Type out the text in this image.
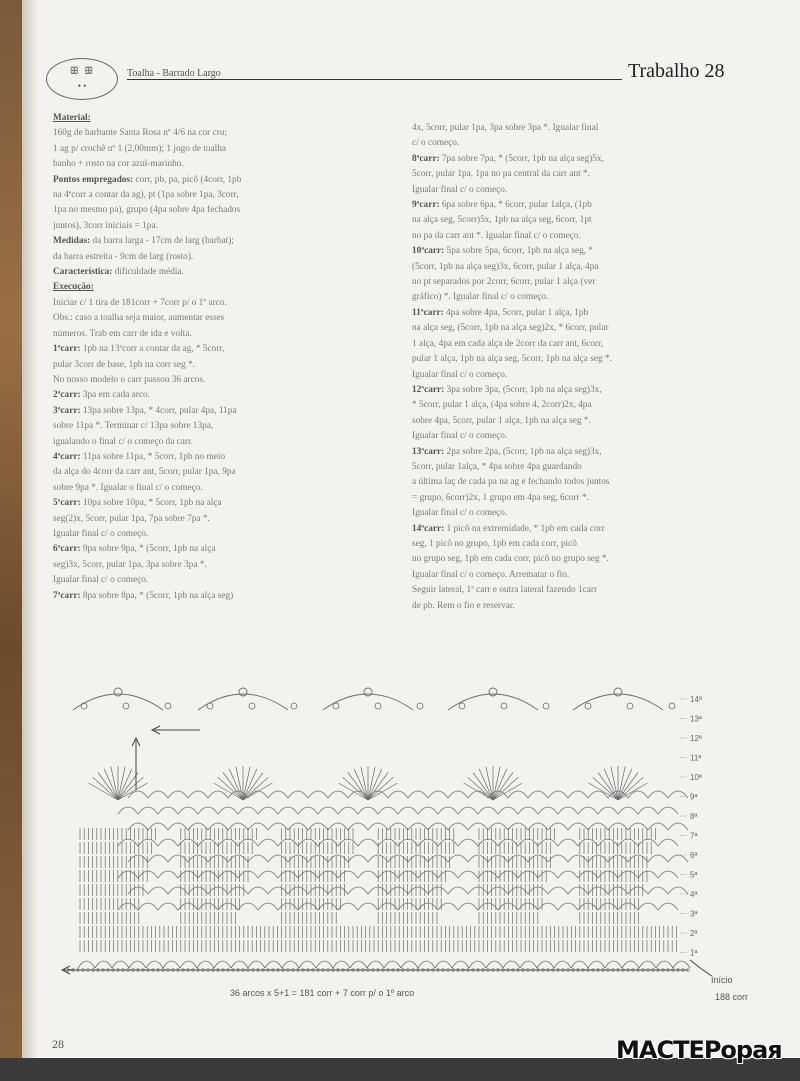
ꕥ ꕥ
• •
Toalha - Barrado Largo	Trabalho 28
Material:
160g de barbante Santa Rosa nº 4/6 na cor cru;
1 ag p/ crochê nº 1 (2,00mm); 1 jogo de toalha
banho + rosto na cor azul-marinho.
Pontos empregados: corr, pb, pa, picô (4corr, 1pb
na 4ªcorr a contar da ag), pt (1pa sobre 1pa, 3corr,
1pa no mesmo pa), grupo (4pa sobre 4pa fechados
juntos), 3corr iniciais = 1pa.
Medidas: da barra larga - 17cm de larg (barbat);
da barra estreita - 9cm de larg (rosto).
Característica: dificuldade média.
Execução:
Iniciar c/ 1 tira de 181corr + 7corr p/ o 1º arco.
Obs.: caso a toalha seja maior, aumentar esses
números. Trab em carr de ida e volta.
1ªcarr: 1pb na 13ªcorr a contar da ag, * 5corr,
pular 3corr de base, 1pb na corr seg *.
No nosso modelo o carr passou 36 arcos.
2ªcarr: 3pa em cada arco.
3ªcarr: 13pa sobre 13pa, * 4corr, pular 4pa, 11pa
sobre 11pa *. Terminar c/ 13pa sobre 13pa,
igualando o final c/ o começo da carr.
4ªcarr: 11pa sobre 11pa, * 5corr, 1pb no meio
da alça do 4corr da carr ant, 5corr, pular 1pa, 9pa
sobre 9pa *. Igualar o final c/ o começo.
5ªcarr: 10pa sobre 10pa, * 5corr, 1pb na alça
seg(2)x, 5corr, pular 1pa, 7pa sobre 7pa *.
Igualar final c/ o começo.
6ªcarr: 9pa sobre 9pa, * (5corr, 1pb na alça
seg)3x, 5corr, pular 1pa, 3pa sobre 3pa *.
Igualar final c/ o começo.
7ªcarr: 8pa sobre 8pa, * (5corr, 1pb na alça seg)
4x, 5corr, pular 1pa, 3pa sobre 3pa *. Igualar final
c/ o começo.
8ªcarr: 7pa sobre 7pa, * (5corr, 1pb na alça seg)5x,
5corr, pular 1pa, 1pa no pa central da carr ant *.
Igualar final c/ o começo.
9ªcarr: 6pa sobre 6pa, * 6corr, pular 1alça, (1pb
na alça seg, 5corr)5x, 1pb na alça seg, 6corr, 1pt
no pa da carr ant *. Igualar final c/ o começo.
10ªcarr: 5pa sobre 5pa, 6corr, 1pb na alça seg, *
(5corr, 1pb na alça seg)3x, 6corr, pular 1 alça, 4pa
no pt separados por 2corr, 6corr, pular 1 alça (ver
gráfico) *. Igualar final c/ o começo.
11ªcarr: 4pa sobre 4pa, 5corr, pular 1 alça, 1pb
na alça seg, (5corr, 1pb na alça seg)2x, * 6corr, pular
1 alça, 4pa em cada alça de 2corr da carr ant, 6corr,
pular 1 alça, 1pb na alça seg, 5corr, 1pb na alça seg *.
Igualar final c/ o começo.
12ªcarr: 3pa sobre 3pa, (5corr, 1pb na alça seg)3x,
* 5corr, pular 1 alça, (4pa sobre 4, 2corr)2x, 4pa
sobre 4pa, 5corr, pular 1 alça, 1pb na alça seg *.
Igualar final c/ o começo.
13ªcarr: 2pa sobre 2pa, (5corr, 1pb na alça seg)3x,
5corr, pular 1alça, * 4pa sobre 4pa guardando
a última laç de cada pa na ag e fechando todos juntos
= grupo, 6corr)2x, 1 grupo em 4pa seg, 6corr *.
Igualar final c/ o começo.
14ªcarr: 1 picô na extremidade, * 1pb em cada corr
seg, 1 picô no grupo, 1pb em cada corr, picô
no grupo seg, 1pb em cada corr, picô no grupo seg *.
Igualar final c/ o começo. Arrematar o fio.
Seguir lateral, 1ª carr e outra lateral fazendo 1carr
de pb. Rem o fio e reservar.
14ª
13ª
12ª
11ª
10ª
9ª
8ª
7ª
6ª
5ª
4ª
3ª
2ª
1ª
36 arcos x 5+1 = 181 corr + 7 corr p/ o 1º arco
Início
188 corr
28	МАСТЕРорая
